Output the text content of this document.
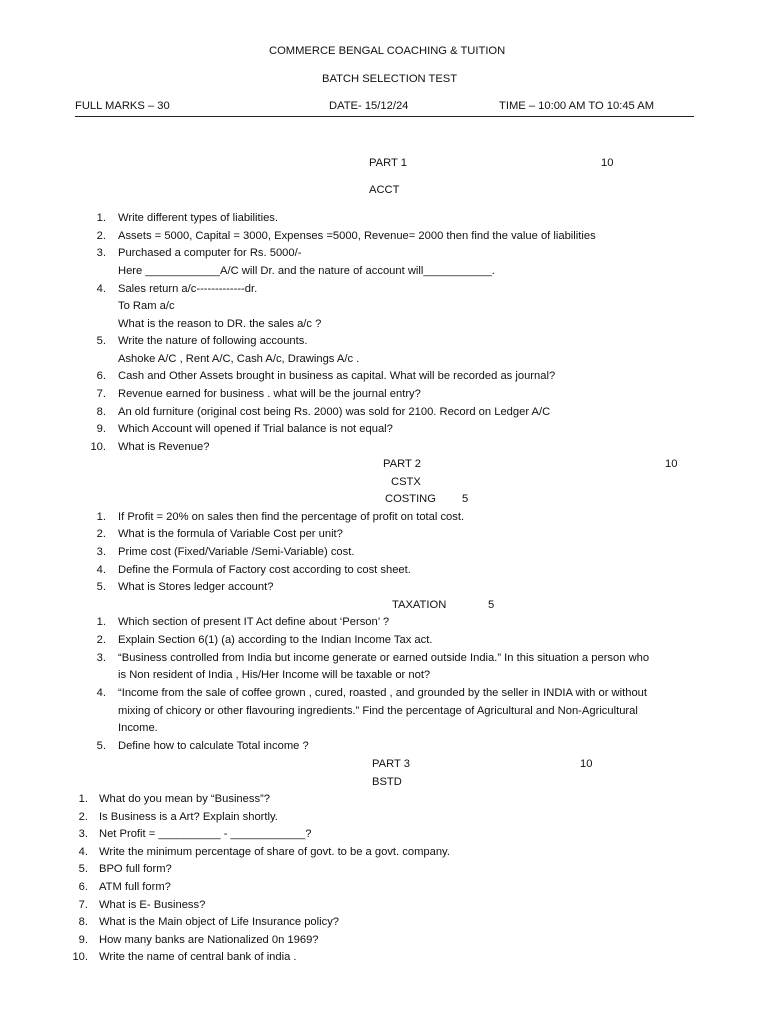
COMMERCE BENGAL COACHING & TUITION
BATCH SELECTION TEST
FULL MARKS – 30	DATE- 15/12/24	TIME – 10:00 AM TO 10:45 AM
PART 1	10
ACCT
1. Write different types of liabilities.
2. Assets = 5000, Capital = 3000, Expenses =5000, Revenue= 2000 then find the value of liabilities
3. Purchased a computer for Rs. 5000/-
Here ____________A/C will Dr. and the nature of account will___________.
4. Sales return a/c-------------dr.
To Ram a/c
What is the reason to DR. the sales a/c ?
5. Write the nature of following accounts.
Ashoke A/C , Rent A/C, Cash A/c, Drawings A/c .
6. Cash and Other Assets brought in business as capital. What will be recorded as journal?
7. Revenue earned for business . what will be the journal entry?
8. An old furniture (original cost being Rs. 2000) was sold for 2100. Record on Ledger A/C
9. Which Account will opened if Trial balance is not equal?
10. What is Revenue?
PART 2	10
CSTX
COSTING 5
1. If Profit = 20% on sales then find the percentage of profit on total cost.
2. What is the formula of Variable Cost per unit?
3. Prime cost (Fixed/Variable /Semi-Variable) cost.
4. Define the Formula of Factory cost according to cost sheet.
5. What is Stores ledger account?
TAXATION	5
1. Which section of present IT Act define about ‘Person’ ?
2. Explain Section 6(1) (a) according to the Indian Income Tax act.
3. “Business controlled from India but income generate or earned outside India.” In this situation a person who
is Non resident of India , His/Her Income will be taxable or not?
4. “Income from the sale of coffee grown , cured, roasted , and grounded by the seller in INDIA with or without
mixing of chicory or other flavouring ingredients.” Find the percentage of Agricultural and Non-Agricultural
Income.
5. Define how to calculate Total income ?
PART 3	10
BSTD
1. What do you mean by “Business”?
2. Is Business is a Art? Explain shortly.
3. Net Profit = __________ - ____________?
4. Write the minimum percentage of share of govt. to be a govt. company.
5. BPO full form?
6. ATM full form?
7. What is E- Business?
8. What is the Main object of Life Insurance policy?
9. How many banks are Nationalized 0n 1969?
10. Write the name of central bank of india .
